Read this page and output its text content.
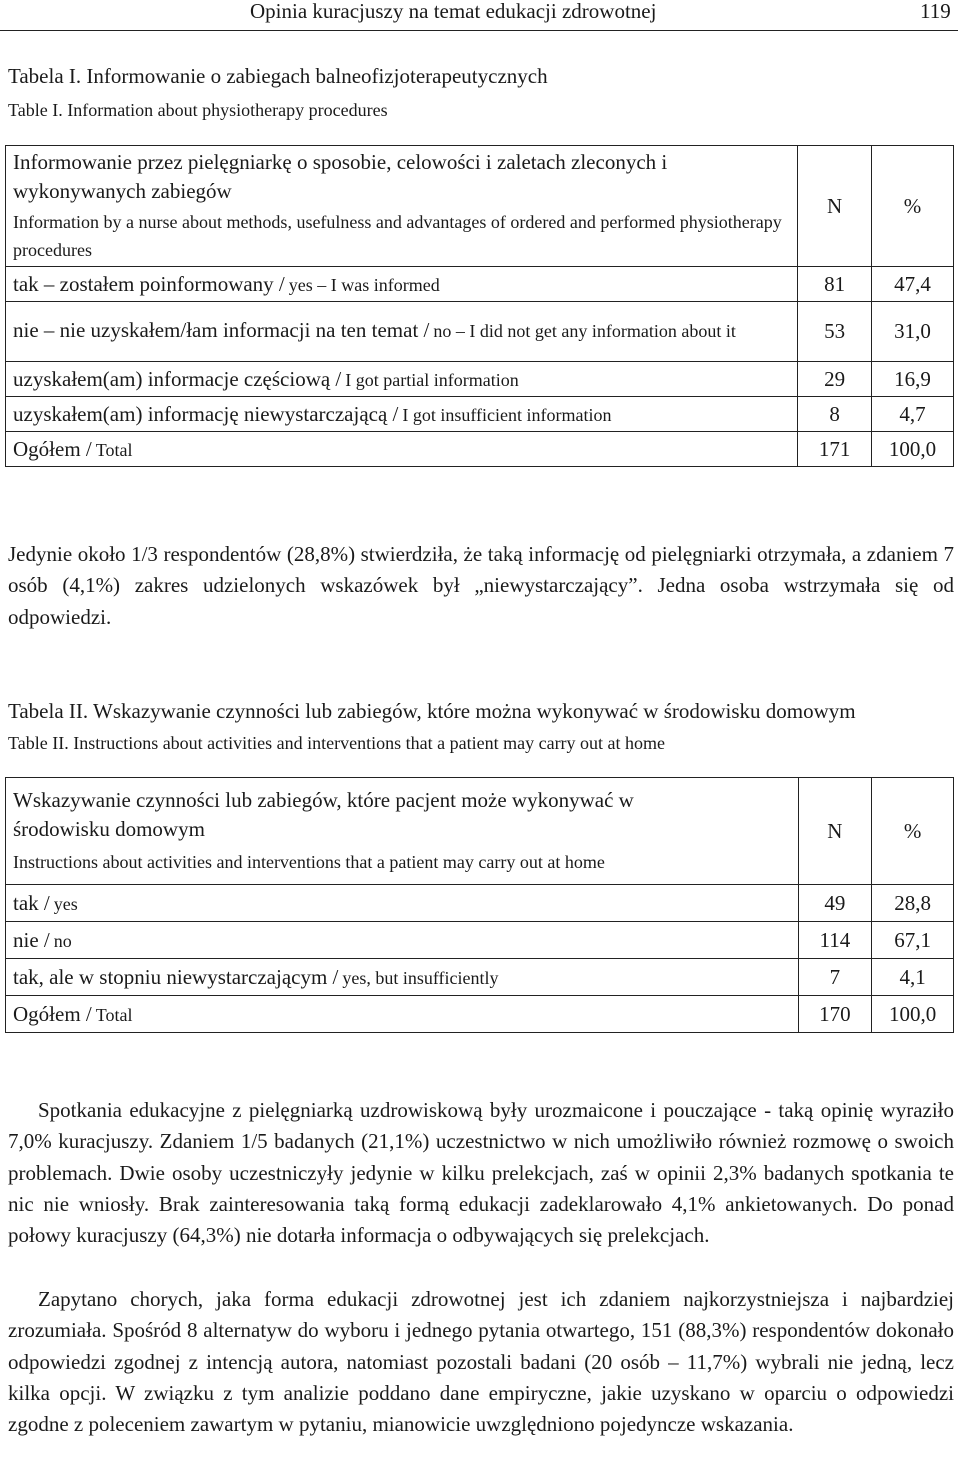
Opinia kuracjuszy na temat edukacji zdrowotnej	119
Tabela I. Informowanie o zabiegach balneofizjoterapeutycznych
Table I. Information about physiotherapy procedures
Informowanie przez pielęgniarkę o sposobie, celowości i zaletach zleconych i wykonywanych zabiegów
Information by a nurse about methods, usefulness and advantages of ordered and performed physiotherapy procedures	N	%
tak – zostałem poinformowany / yes – I was informed	81	47,4
nie – nie uzyskałem/łam informacji na ten temat / no – I did not get any information about it	53	31,0
uzyskałem(am) informacje częściową / I got partial information	29	16,9
uzyskałem(am) informację niewystarczającą / I got insufficient information	8	4,7
Ogółem / Total	171	100,0
Jedynie około 1/3 respondentów (28,8%) stwierdziła, że taką informację od pielęgniarki otrzymała, a zdaniem 7 osób (4,1%) zakres udzielonych wskazówek był „niewystarczający”. Jedna osoba wstrzymała się od odpowiedzi.
Tabela II. Wskazywanie czynności lub zabiegów, które można wykonywać w środowisku domowym
Table II. Instructions about activities and interventions that a patient may carry out at home
Wskazywanie czynności lub zabiegów, które pacjent może wykonywać w środowisku domowym
Instructions about activities and interventions that a patient may carry out at home	N	%
tak / yes	49	28,8
nie / no	114	67,1
tak, ale w stopniu niewystarczającym / yes, but insufficiently	7	4,1
Ogółem / Total	170	100,0
Spotkania edukacyjne z pielęgniarką uzdrowiskową były urozmaicone i pouczające - taką opinię wyraziło 7,0% kuracjuszy. Zdaniem 1/5 badanych (21,1%) uczestnictwo w nich umożliwiło również rozmowę o swoich problemach. Dwie osoby uczestniczyły jedynie w kilku prelekcjach, zaś w opinii 2,3% badanych spotkania te nic nie wniosły. Brak zainteresowania taką formą edukacji zadeklarowało 4,1% ankietowanych. Do ponad połowy kuracjuszy (64,3%) nie dotarła informacja o odbywających się prelekcjach.
Zapytano chorych, jaka forma edukacji zdrowotnej jest ich zdaniem najkorzystniejsza i najbardziej zrozumiała. Spośród 8 alternatyw do wyboru i jednego pytania otwartego, 151 (88,3%) respondentów dokonało odpowiedzi zgodnej z intencją autora, natomiast pozostali badani (20 osób – 11,7%) wybrali nie jedną, lecz kilka opcji. W związku z tym analizie poddano dane empiryczne, jakie uzyskano w oparciu o odpowiedzi zgodne z poleceniem zawartym w pytaniu, mianowicie uwzględniono pojedyncze wskazania.
